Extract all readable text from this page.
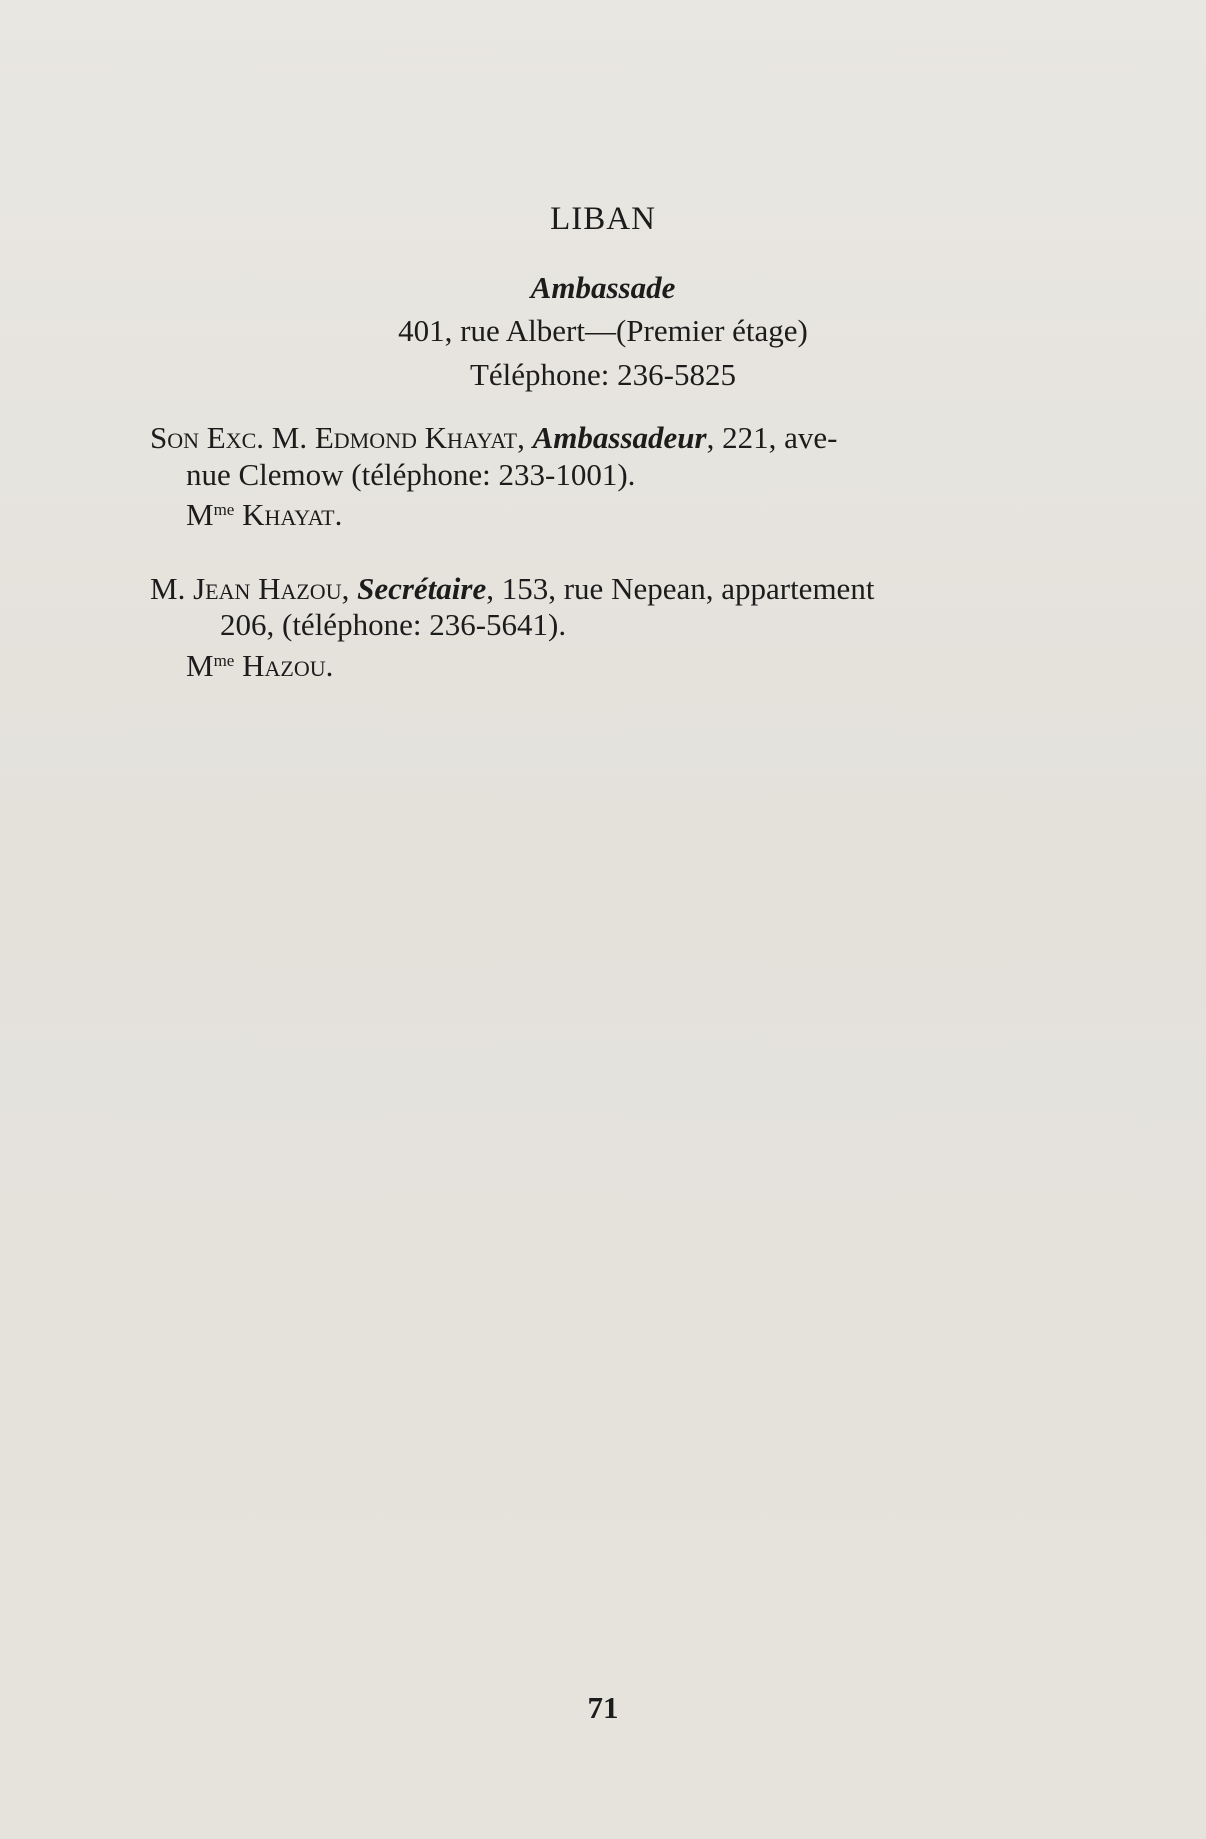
LIBAN
Ambassade
401, rue Albert—(Premier étage)
Téléphone: 236-5825
Son Exc. M. Edmond Khayat, Ambassadeur, 221, ave-
nue Clemow (téléphone: 233-1001).
$M^{me}$ Khayat.
M. Jean Hazou, Secrétaire, 153, rue Nepean, appartement
206, (téléphone: 236-5641).
$M^{me}$ Hazou.
71
